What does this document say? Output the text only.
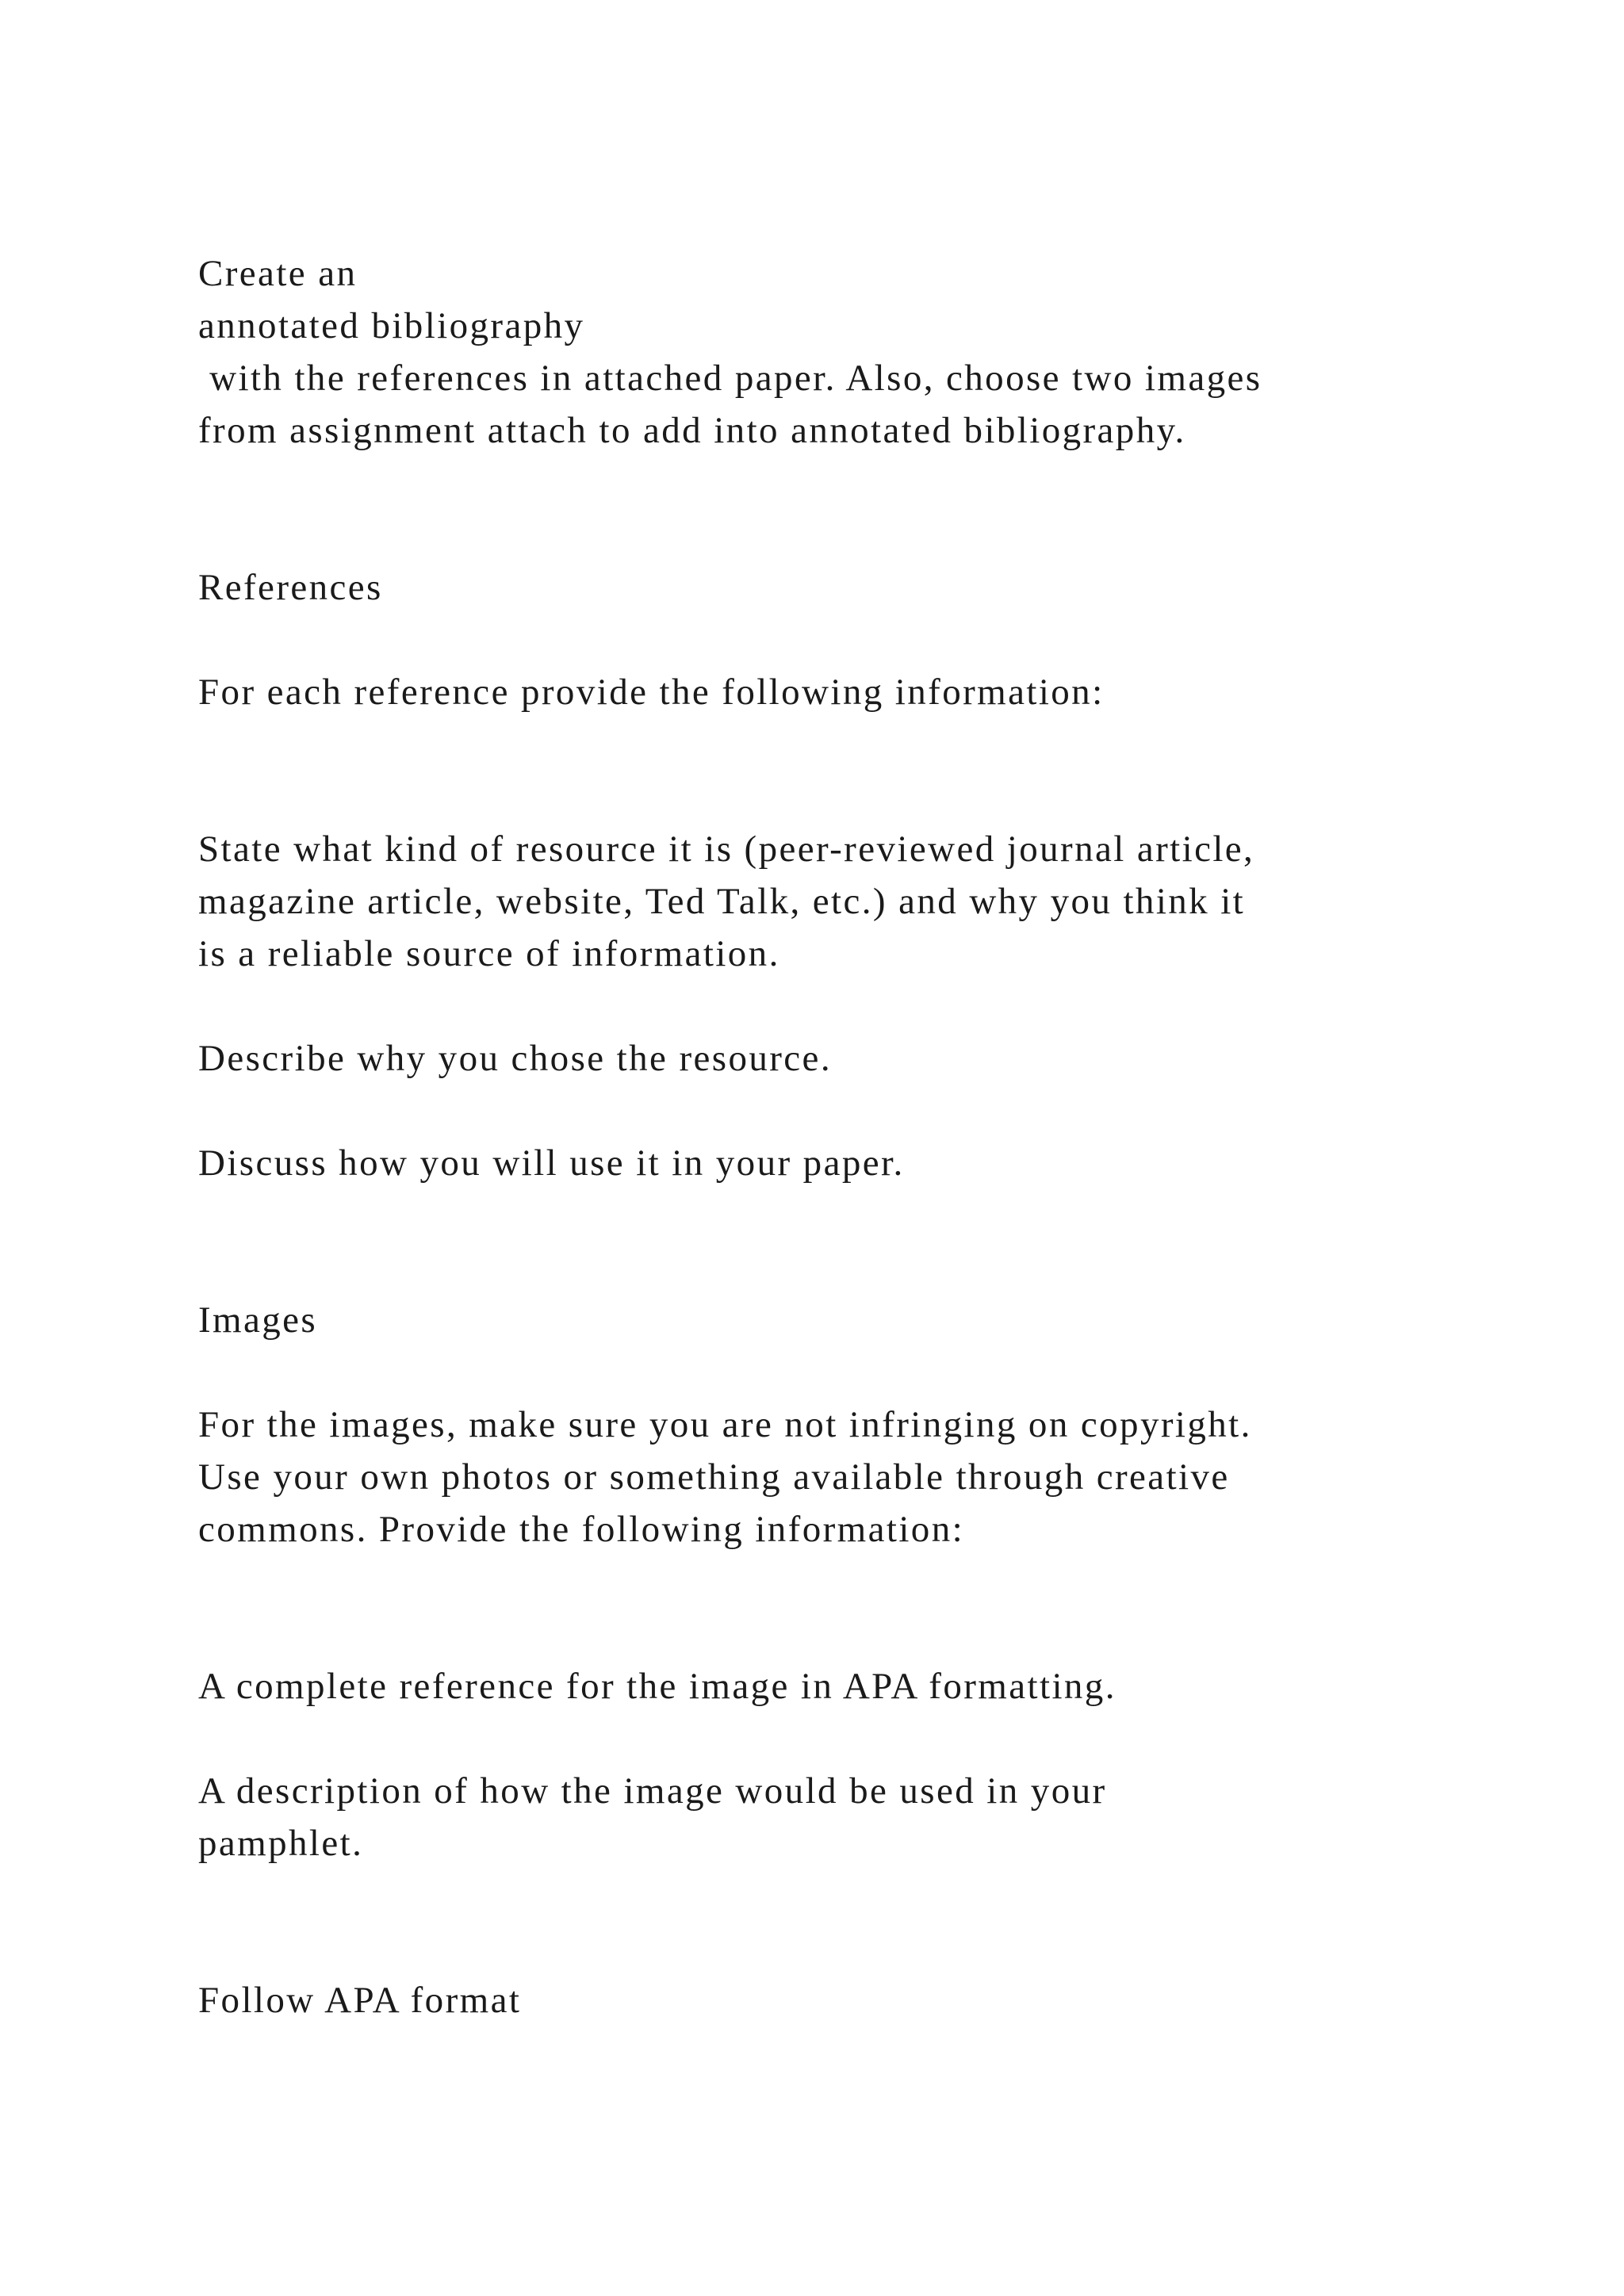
Create an

annotated bibliography

with the references in attached paper. Also, choose two images

from assignment attach to add into annotated bibliography.

References

For each reference provide the following information:

State what kind of resource it is (peer-reviewed journal article,

magazine article, website, Ted Talk, etc.) and why you think it

is a reliable source of information.

Describe why you chose the resource.

Discuss how you will use it in your paper.

Images

For the images, make sure you are not infringing on copyright.

Use your own photos or something available through creative

commons. Provide the following information:

A complete reference for the image in APA formatting.

A description of how the image would be used in your

pamphlet.

Follow APA format
